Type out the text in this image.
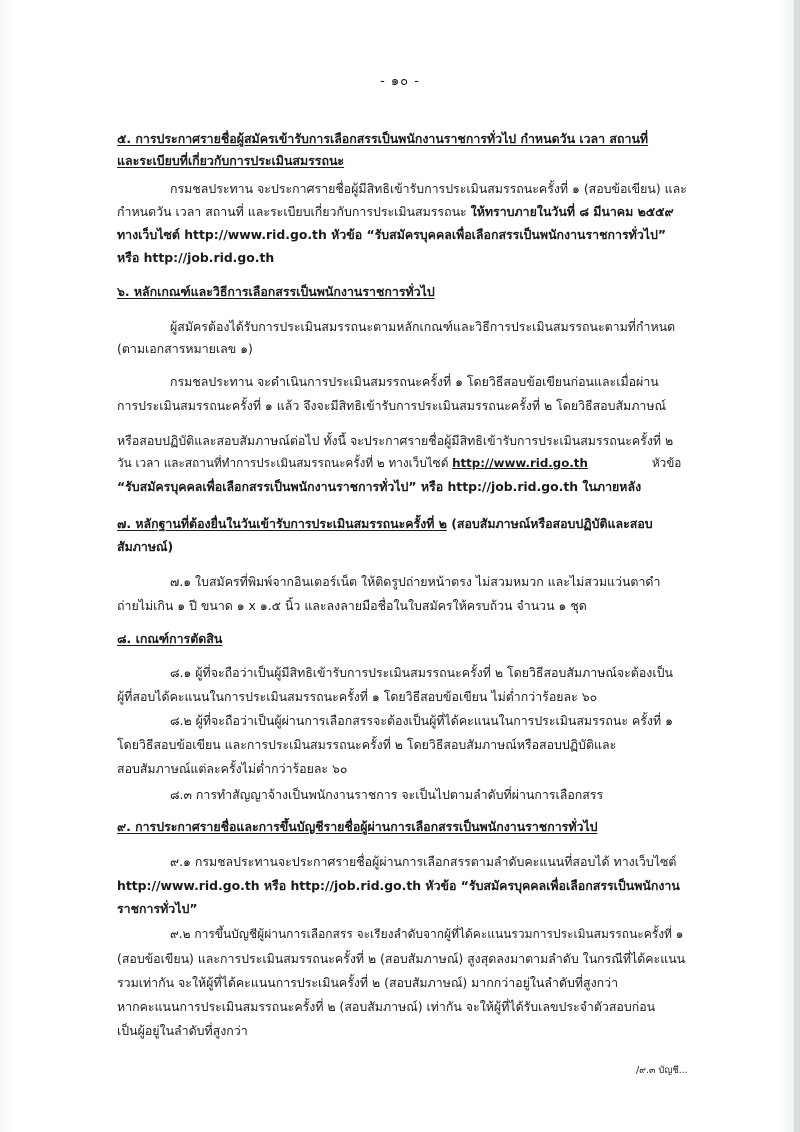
- ๑๐ -
๕. การประกาศรายชื่อผู้สมัครเข้ารับการเลือกสรรเป็นพนักงานราชการทั่วไป กำหนดวัน เวลา สถานที่
และระเบียบที่เกี่ยวกับการประเมินสมรรถนะ
กรมชลประทาน จะประกาศรายชื่อผู้มีสิทธิเข้ารับการประเมินสมรรถนะครั้งที่ ๑ (สอบข้อเขียน) และ
กำหนดวัน เวลา สถานที่ และระเบียบเกี่ยวกับการประเมินสมรรถนะ ให้ทราบภายในวันที่ ๘ มีนาคม ๒๕๕๙
ทางเว็บไซต์ http://www.rid.go.th หัวข้อ “รับสมัครบุคคลเพื่อเลือกสรรเป็นพนักงานราชการทั่วไป”
หรือ http://job.rid.go.th
๖. หลักเกณฑ์และวิธีการเลือกสรรเป็นพนักงานราชการทั่วไป
ผู้สมัครต้องได้รับการประเมินสมรรถนะตามหลักเกณฑ์และวิธีการประเมินสมรรถนะตามที่กำหนด
(ตามเอกสารหมายเลข ๑)
กรมชลประทาน จะดำเนินการประเมินสมรรถนะครั้งที่ ๑ โดยวิธีสอบข้อเขียนก่อนและเมื่อผ่าน
การประเมินสมรรถนะครั้งที่ ๑ แล้ว จึงจะมีสิทธิเข้ารับการประเมินสมรรถนะครั้งที่ ๒ โดยวิธีสอบสัมภาษณ์
หรือสอบปฏิบัติและสอบสัมภาษณ์ต่อไป ทั้งนี้ จะประกาศรายชื่อผู้มีสิทธิเข้ารับการประเมินสมรรถนะครั้งที่ ๒
วัน เวลา และสถานที่ทำการประเมินสมรรถนะครั้งที่ ๒ ทางเว็บไซต์ http://www.rid.go.th	หัวข้อ
“รับสมัครบุคคลเพื่อเลือกสรรเป็นพนักงานราชการทั่วไป” หรือ http://job.rid.go.th ในภายหลัง
๗. หลักฐานที่ต้องยื่นในวันเข้ารับการประเมินสมรรถนะครั้งที่ ๒ (สอบสัมภาษณ์หรือสอบปฏิบัติและสอบ
สัมภาษณ์)
๗.๑ ใบสมัครที่พิมพ์จากอินเตอร์เน็ต ให้ติดรูปถ่ายหน้าตรง ไม่สวมหมวก และไม่สวมแว่นตาดำ
ถ่ายไม่เกิน ๑ ปี ขนาด ๑ x ๑.๕ นิ้ว และลงลายมือชื่อในใบสมัครให้ครบถ้วน จำนวน ๑ ชุด
๘. เกณฑ์การตัดสิน
๘.๑ ผู้ที่จะถือว่าเป็นผู้มีสิทธิเข้ารับการประเมินสมรรถนะครั้งที่ ๒ โดยวิธีสอบสัมภาษณ์จะต้องเป็น
ผู้ที่สอบได้คะแนนในการประเมินสมรรถนะครั้งที่ ๑ โดยวิธีสอบข้อเขียน ไม่ต่ำกว่าร้อยละ ๖๐
๘.๒ ผู้ที่จะถือว่าเป็นผู้ผ่านการเลือกสรรจะต้องเป็นผู้ที่ได้คะแนนในการประเมินสมรรถนะ ครั้งที่ ๑
โดยวิธีสอบข้อเขียน และการประเมินสมรรถนะครั้งที่ ๒ โดยวิธีสอบสัมภาษณ์หรือสอบปฏิบัติและ
สอบสัมภาษณ์แต่ละครั้งไม่ต่ำกว่าร้อยละ ๖๐
๘.๓ การทำสัญญาจ้างเป็นพนักงานราชการ จะเป็นไปตามลำดับที่ผ่านการเลือกสรร
๙. การประกาศรายชื่อและการขึ้นบัญชีรายชื่อผู้ผ่านการเลือกสรรเป็นพนักงานราชการทั่วไป
๙.๑ กรมชลประทานจะประกาศรายชื่อผู้ผ่านการเลือกสรรตามลำดับคะแนนที่สอบได้ ทางเว็บไซต์
http://www.rid.go.th หรือ http://job.rid.go.th หัวข้อ “รับสมัครบุคคลเพื่อเลือกสรรเป็นพนักงาน
ราชการทั่วไป”
๙.๒ การขึ้นบัญชีผู้ผ่านการเลือกสรร จะเรียงลำดับจากผู้ที่ได้คะแนนรวมการประเมินสมรรถนะครั้งที่ ๑
(สอบข้อเขียน) และการประเมินสมรรถนะครั้งที่ ๒ (สอบสัมภาษณ์) สูงสุดลงมาตามลำดับ ในกรณีที่ได้คะแนน
รวมเท่ากัน จะให้ผู้ที่ได้คะแนนการประเมินครั้งที่ ๒ (สอบสัมภาษณ์) มากกว่าอยู่ในลำดับที่สูงกว่า
หากคะแนนการประเมินสมรรถนะครั้งที่ ๒ (สอบสัมภาษณ์) เท่ากัน จะให้ผู้ที่ได้รับเลขประจำตัวสอบก่อน
เป็นผู้อยู่ในลำดับที่สูงกว่า
/๙.๓ บัญชี...
